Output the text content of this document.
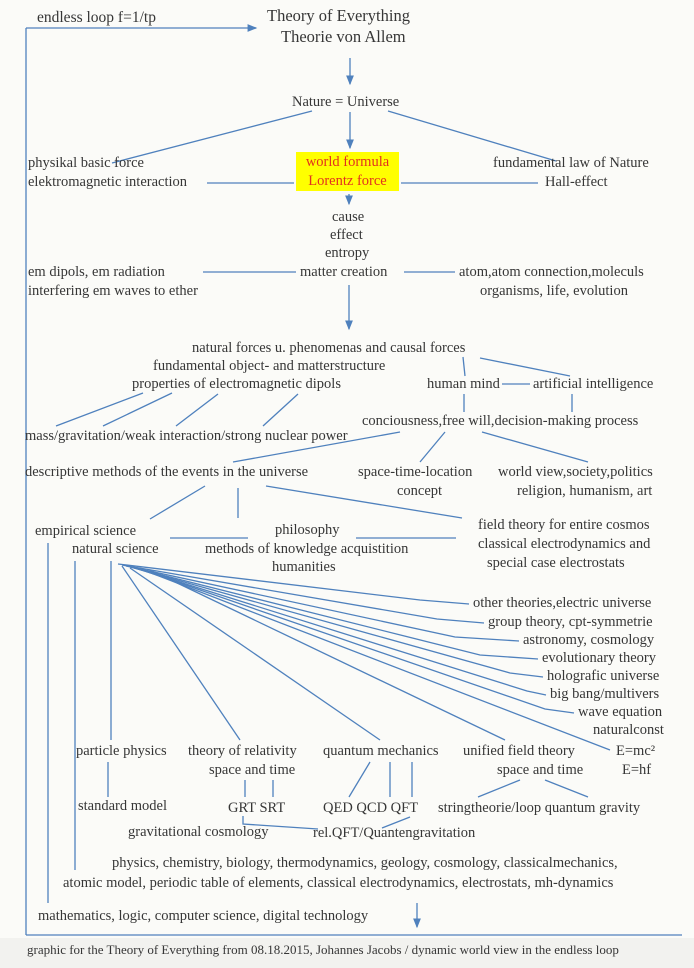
endless loop f=1/tp	Theory of Everything
Theorie von Allem
Nature = Universe
physikal basic force
elektromagnetic interaction
world formula
Lorentz force
fundamental law of Nature
Hall-effect
cause
effect
entropy
matter creation
em dipols, em radiation
interfering em waves to ether
atom,atom connection,moleculs
organisms, life, evolution
natural forces u. phenomenas and causal forces
fundamental object- and matterstructure
properties of electromagnetic dipols	human mind artificial intelligence
conciousness,free will,decision-making process
mass/gravitation/weak interaction/strong nuclear power
descriptive methods of the events in the universe	space-time-location
concept
world view,society,politics
religion, humanism, art
empirical science
natural science
philosophy
methods of knowledge acquistition
humanities
field theory for entire cosmos
classical electrodynamics and
special case electrostats
other theories,electric universe
group theory, cpt-symmetrie
astronomy, cosmology
evolutionary theory
holografic universe
big bang/multivers
wave equation
naturalconst
particle physics theory of relativity
space and time
quantum mechanics unified field theory	E=mc²
space and time	E=hf
standard model	GRT SRT	QED QCD QFT stringtheorie/loop quantum gravity
gravitational cosmology	rel.QFT/Quantengravitation
physics, chemistry, biology, thermodynamics, geology, cosmology, classicalmechanics,
atomic model, periodic table of elements, classical electrodynamics, electrostats, mh-dynamics
mathematics, logic, computer science, digital technology
graphic for the Theory of Everything from 08.18.2015, Johannes Jacobs / dynamic world view in the endless loop
